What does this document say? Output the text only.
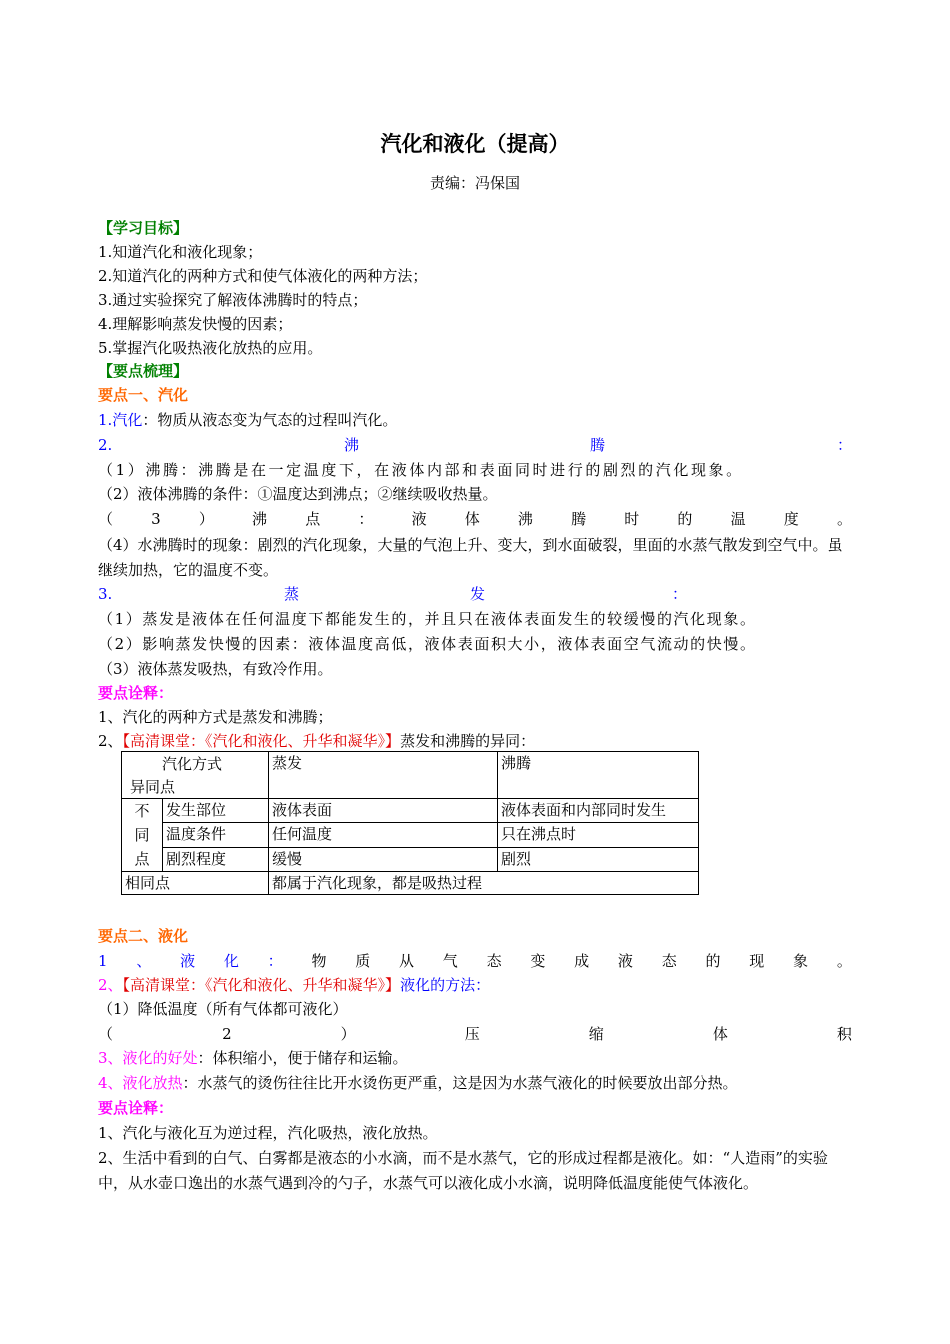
汽化和液化（提高）
责编：冯保国
【学习目标】
1.知道汽化和液化现象；
2.知道汽化的两种方式和使气体液化的两种方法；
3.通过实验探究了解液体沸腾时的特点；
4.理解影响蒸发快慢的因素；
5.掌握汽化吸热液化放热的应用。
【要点梳理】
要点一、汽化
1.汽化：物质从液态变为气态的过程叫汽化。
2.	沸	腾	：
（1）沸腾：沸腾是在一定温度下，在液体内部和表面同时进行的剧烈的汽化现象。
（2）液体沸腾的条件：①温度达到沸点；②继续吸收热量。
（	3	）	沸	点	：	液	体	沸	腾	时	的	温	度	。
（4）水沸腾时的现象：剧烈的汽化现象，大量的气泡上升、变大，到水面破裂，里面的水蒸气散发到空气中。虽继续加热，它的温度不变。
3.	蒸	发	：
（1）蒸发是液体在任何温度下都能发生的，并且只在液体表面发生的较缓慢的汽化现象。
（2）影响蒸发快慢的因素：液体温度高低，液体表面积大小，液体表面空气流动的快慢。
（3）液体蒸发吸热，有致冷作用。
要点诠释：
1、汽化的两种方式是蒸发和沸腾；
2、【高清课堂：《汽化和液化、升华和凝华》】蒸发和沸腾的异同：
汽化方式
异同点		蒸发	沸腾

不
同
点	发生部位	液体表面	液体表面和内部同时发生
	温度条件	任何温度	只在沸点时
	剧烈程度	缓慢	剧烈
相同点		都属于汽化现象，都是吸热过程	
要点二、液化
1 、 液 化 ： 物 质 从 气 态 变 成 液 态 的 现 象 。
2、【高清课堂：《汽化和液化、升华和凝华》】液化的方法：
（1）降低温度（所有气体都可液化）
（	2	）	压	缩	体	积
3、液化的好处：体积缩小，便于储存和运输。
4、液化放热：水蒸气的烫伤往往比开水烫伤更严重，这是因为水蒸气液化的时候要放出部分热。
要点诠释：
1、汽化与液化互为逆过程，汽化吸热，液化放热。
2、生活中看到的白气、白雾都是液态的小水滴，而不是水蒸气，它的形成过程都是液化。如：“人造雨”的实验中，从水壶口逸出的水蒸气遇到冷的勺子，水蒸气可以液化成小水滴，说明降低温度能使气体液化。
